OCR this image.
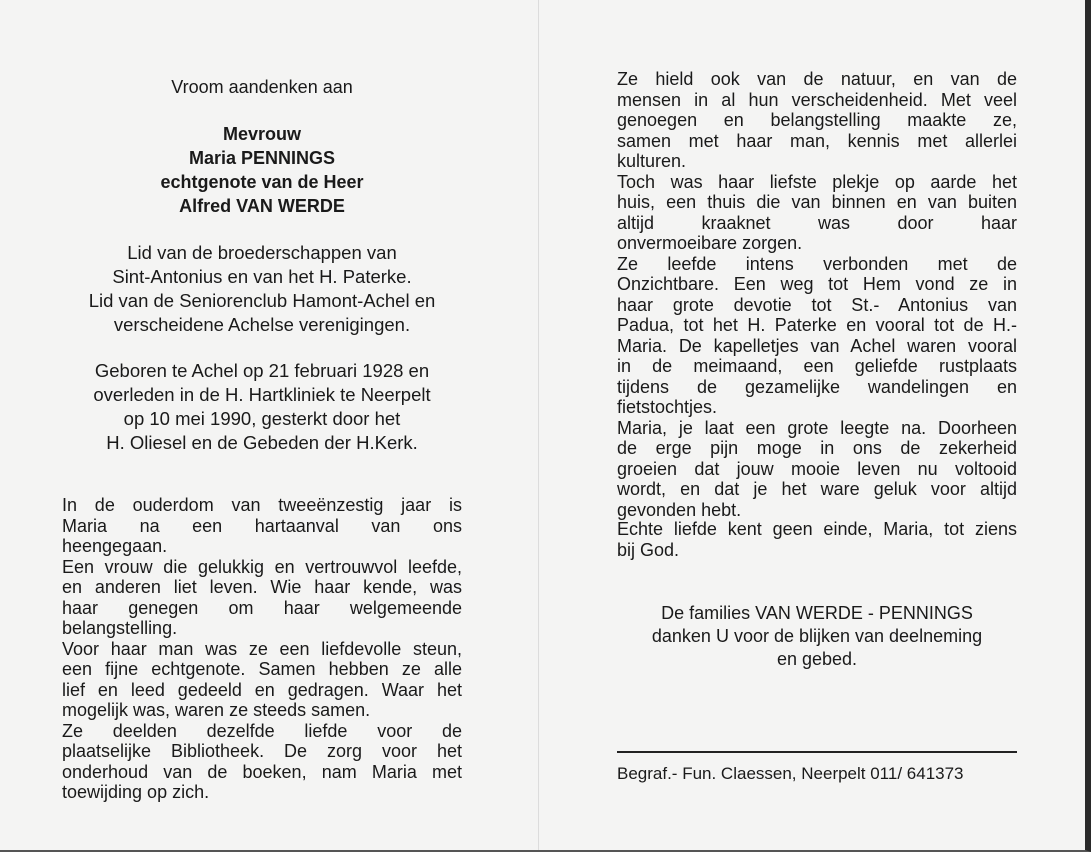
Vroom aandenken aan
Mevrouw
Maria PENNINGS
echtgenote van de Heer
Alfred VAN WERDE
Lid van de broederschappen van
Sint-Antonius en van het H. Paterke.
Lid van de Seniorenclub Hamont-Achel en
verscheidene Achelse verenigingen.
Geboren te Achel op 21 februari 1928 en
overleden in de H. Hartkliniek te Neerpelt
op 10 mei 1990, gesterkt door het
H. Oliesel en de Gebeden der H.Kerk.
In de ouderdom van tweeënzestig jaar is
Maria na een hartaanval van ons
heengegaan.
Een vrouw die gelukkig en vertrouwvol leefde,
en anderen liet leven. Wie haar kende, was
haar genegen om haar welgemeende
belangstelling.
Voor haar man was ze een liefdevolle steun,
een fijne echtgenote. Samen hebben ze alle
lief en leed gedeeld en gedragen. Waar het
mogelijk was, waren ze steeds samen.
Ze deelden dezelfde liefde voor de
plaatselijke Bibliotheek. De zorg voor het
onderhoud van de boeken, nam Maria met
toewijding op zich.
Ze hield ook van de natuur, en van de
mensen in al hun verscheidenheid. Met veel
genoegen en belangstelling maakte ze,
samen met haar man, kennis met allerlei
kulturen.
Toch was haar liefste plekje op aarde het
huis, een thuis die van binnen en van buiten
altijd kraaknet was door haar
onvermoeibare zorgen.
Ze leefde intens verbonden met de
Onzichtbare. Een weg tot Hem vond ze in
haar grote devotie tot St.- Antonius van
Padua, tot het H. Paterke en vooral tot de H.-
Maria. De kapelletjes van Achel waren vooral
in de meimaand, een geliefde rustplaats
tijdens de gezamelijke wandelingen en
fietstochtjes.
Maria, je laat een grote leegte na. Doorheen
de erge pijn moge in ons de zekerheid
groeien dat jouw mooie leven nu voltooid
wordt, en dat je het ware geluk voor altijd
gevonden hebt.
Echte liefde kent geen einde, Maria, tot ziens
bij God.
De families VAN WERDE - PENNINGS
danken U voor de blijken van deelneming
en gebed.
Begraf.- Fun. Claessen, Neerpelt 011/ 641373
